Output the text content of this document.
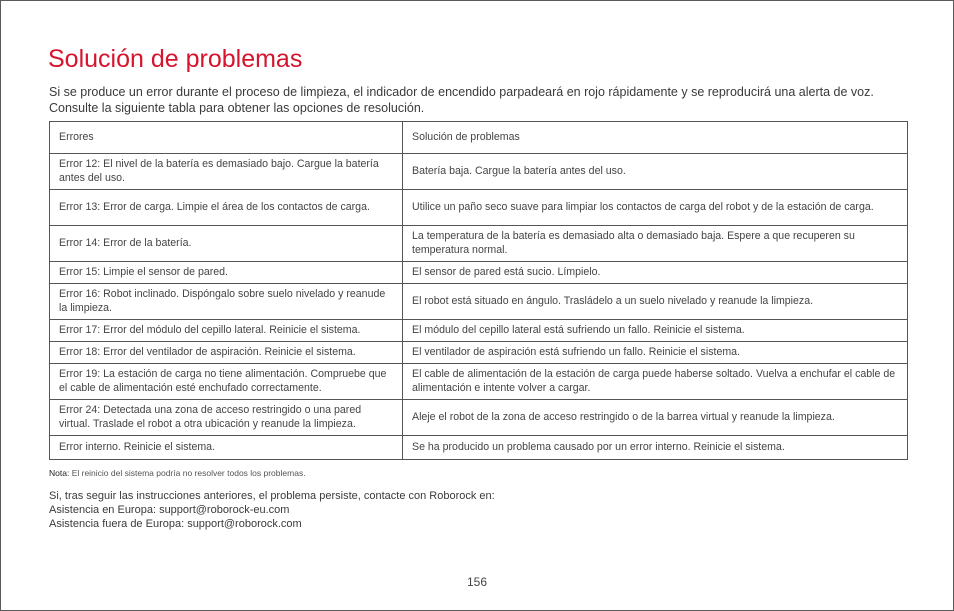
Solución de problemas

Si se produce un error durante el proceso de limpieza, el indicador de encendido parpadeará en rojo rápidamente y se reproducirá una alerta de voz. Consulte la siguiente tabla para obtener las opciones de resolución.

Errores	Solución de problemas
Error 12: El nivel de la batería es demasiado bajo. Cargue la batería antes del uso.	Batería baja. Cargue la batería antes del uso.
Error 13: Error de carga. Limpie el área de los contactos de carga.	Utilice un paño seco suave para limpiar los contactos de carga del robot y de la estación de carga.
Error 14: Error de la batería.	La temperatura de la batería es demasiado alta o demasiado baja. Espere a que recuperen su temperatura normal.
Error 15: Limpie el sensor de pared.	El sensor de pared está sucio. Límpielo.
Error 16: Robot inclinado. Dispóngalo sobre suelo nivelado y reanude la limpieza.	El robot está situado en ángulo. Trasládelo a un suelo nivelado y reanude la limpieza.
Error 17: Error del módulo del cepillo lateral. Reinicie el sistema.	El módulo del cepillo lateral está sufriendo un fallo. Reinicie el sistema.
Error 18: Error del ventilador de aspiración. Reinicie el sistema.	El ventilador de aspiración está sufriendo un fallo. Reinicie el sistema.
Error 19: La estación de carga no tiene alimentación. Compruebe que el cable de alimentación esté enchufado correctamente.	El cable de alimentación de la estación de carga puede haberse soltado. Vuelva a enchufar el cable de alimentación e intente volver a cargar.
Error 24: Detectada una zona de acceso restringido o una pared virtual. Traslade el robot a otra ubicación y reanude la limpieza.	Aleje el robot de la zona de acceso restringido o de la barrea virtual y reanude la limpieza.
Error interno. Reinicie el sistema.	Se ha producido un problema causado por un error interno. Reinicie el sistema.
Nota: El reinicio del sistema podría no resolver todos los problemas.
Si, tras seguir las instrucciones anteriores, el problema persiste, contacte con Roborock en:
Asistencia en Europa: support@roborock-eu.com
Asistencia fuera de Europa: support@roborock.com
156
